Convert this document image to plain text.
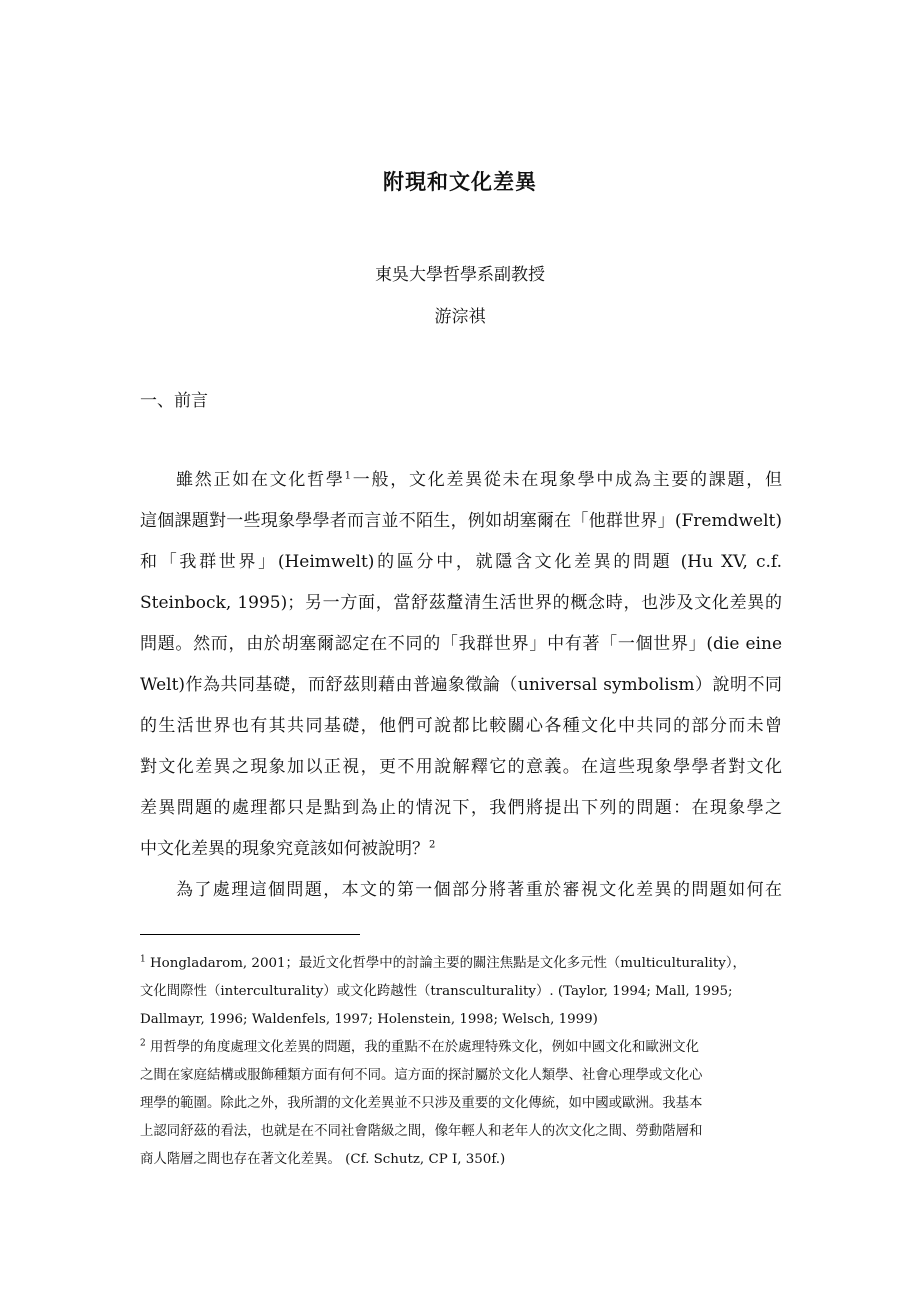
附現和文化差異
東吳大學哲學系副教授
游淙祺
一、前言
雖然正如在文化哲學$^1$一般，文化差異從未在現象學中成為主要的課題，但
這個課題對一些現象學學者而言並不陌生，例如胡塞爾在「他群世界」(Fremdwelt)
和「我群世界」(Heimwelt)的區分中，就隱含文化差異的問題 (Hu XV, c.f.
Steinbock, 1995)；另一方面，當舒茲釐清生活世界的概念時，也涉及文化差異的
問題。然而，由於胡塞爾認定在不同的「我群世界」中有著「一個世界」(die eine
Welt)作為共同基礎，而舒茲則藉由普遍象徵論（universal symbolism）說明不同
的生活世界也有其共同基礎，他們可說都比較關心各種文化中共同的部分而未曾
對文化差異之現象加以正視，更不用說解釋它的意義。在這些現象學學者對文化
差異問題的處理都只是點到為止的情況下，我們將提出下列的問題：在現象學之
中文化差異的現象究竟該如何被說明？$^2$
為了處理這個問題，本文的第一個部分將著重於審視文化差異的問題如何在
$^1$ Hongladarom, 2001；最近文化哲學中的討論主要的關注焦點是文化多元性（multiculturality），
文化間際性（interculturality）或文化跨越性（transculturality）. (Taylor, 1994; Mall, 1995;
Dallmayr, 1996; Waldenfels, 1997; Holenstein, 1998; Welsch, 1999)
$^2$ 用哲學的角度處理文化差異的問題，我的重點不在於處理特殊文化，例如中國文化和歐洲文化
之間在家庭結構或服飾種類方面有何不同。這方面的探討屬於文化人類學、社會心理學或文化心
理學的範圍。除此之外，我所謂的文化差異並不只涉及重要的文化傳統，如中國或歐洲。我基本
上認同舒茲的看法，也就是在不同社會階級之間，像年輕人和老年人的次文化之間、勞動階層和
商人階層之間也存在著文化差異。 (Cf. Schutz, CP I, 350f.)
